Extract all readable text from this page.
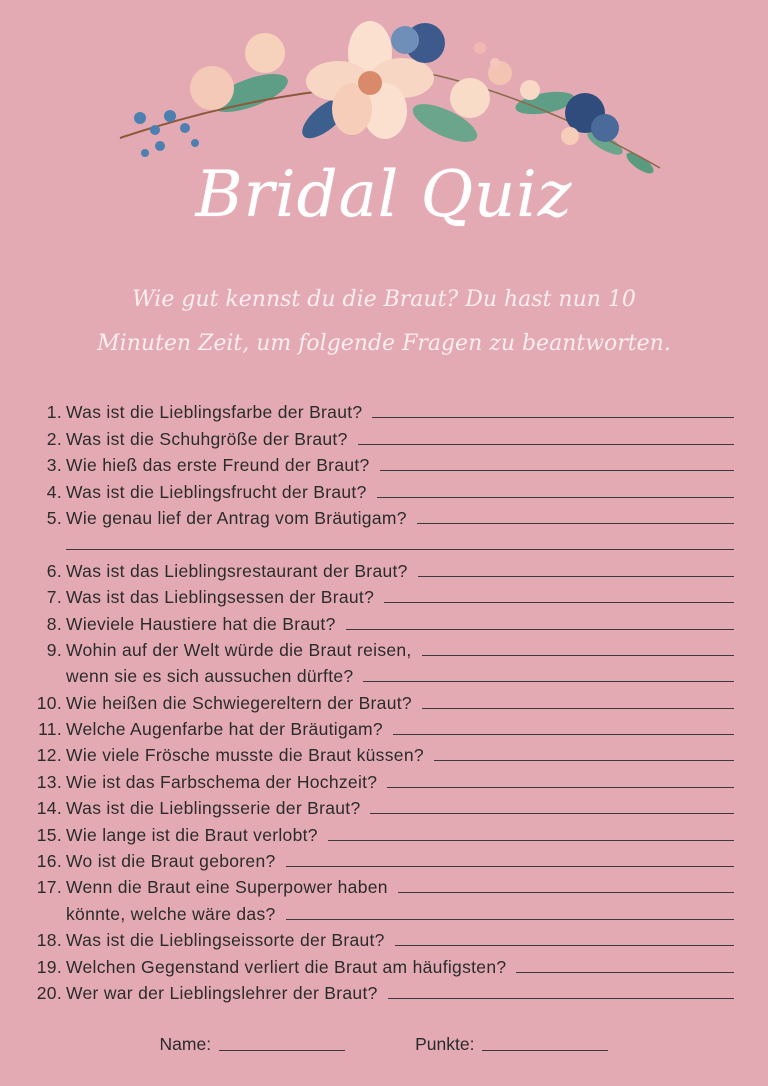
Bridal Quiz
Wie gut kennst du die Braut? Du hast nun 10
Minuten Zeit, um folgende Fragen zu beantworten.
1. Was ist die Lieblingsfarbe der Braut?
2. Was ist die Schuhgröße der Braut?
3. Wie hieß das erste Freund der Braut?
4. Was ist die Lieblingsfrucht der Braut?
5. Wie genau lief der Antrag vom Bräutigam?
6. Was ist das Lieblingsrestaurant der Braut?
7. Was ist das Lieblingsessen der Braut?
8. Wieviele Haustiere hat die Braut?
9. Wohin auf der Welt würde die Braut reisen,
wenn sie es sich aussuchen dürfte?
10. Wie heißen die Schwiegereltern der Braut?
11. Welche Augenfarbe hat der Bräutigam?
12. Wie viele Frösche musste die Braut küssen?
13. Wie ist das Farbschema der Hochzeit?
14. Was ist die Lieblingsserie der Braut?
15. Wie lange ist die Braut verlobt?
16. Wo ist die Braut geboren?
17. Wenn die Braut eine Superpower haben
könnte, welche wäre das?
18. Was ist die Lieblingseissorte der Braut?
19. Welchen Gegenstand verliert die Braut am häufigsten?
20. Wer war der Lieblingslehrer der Braut?
Name:	Punkte:
